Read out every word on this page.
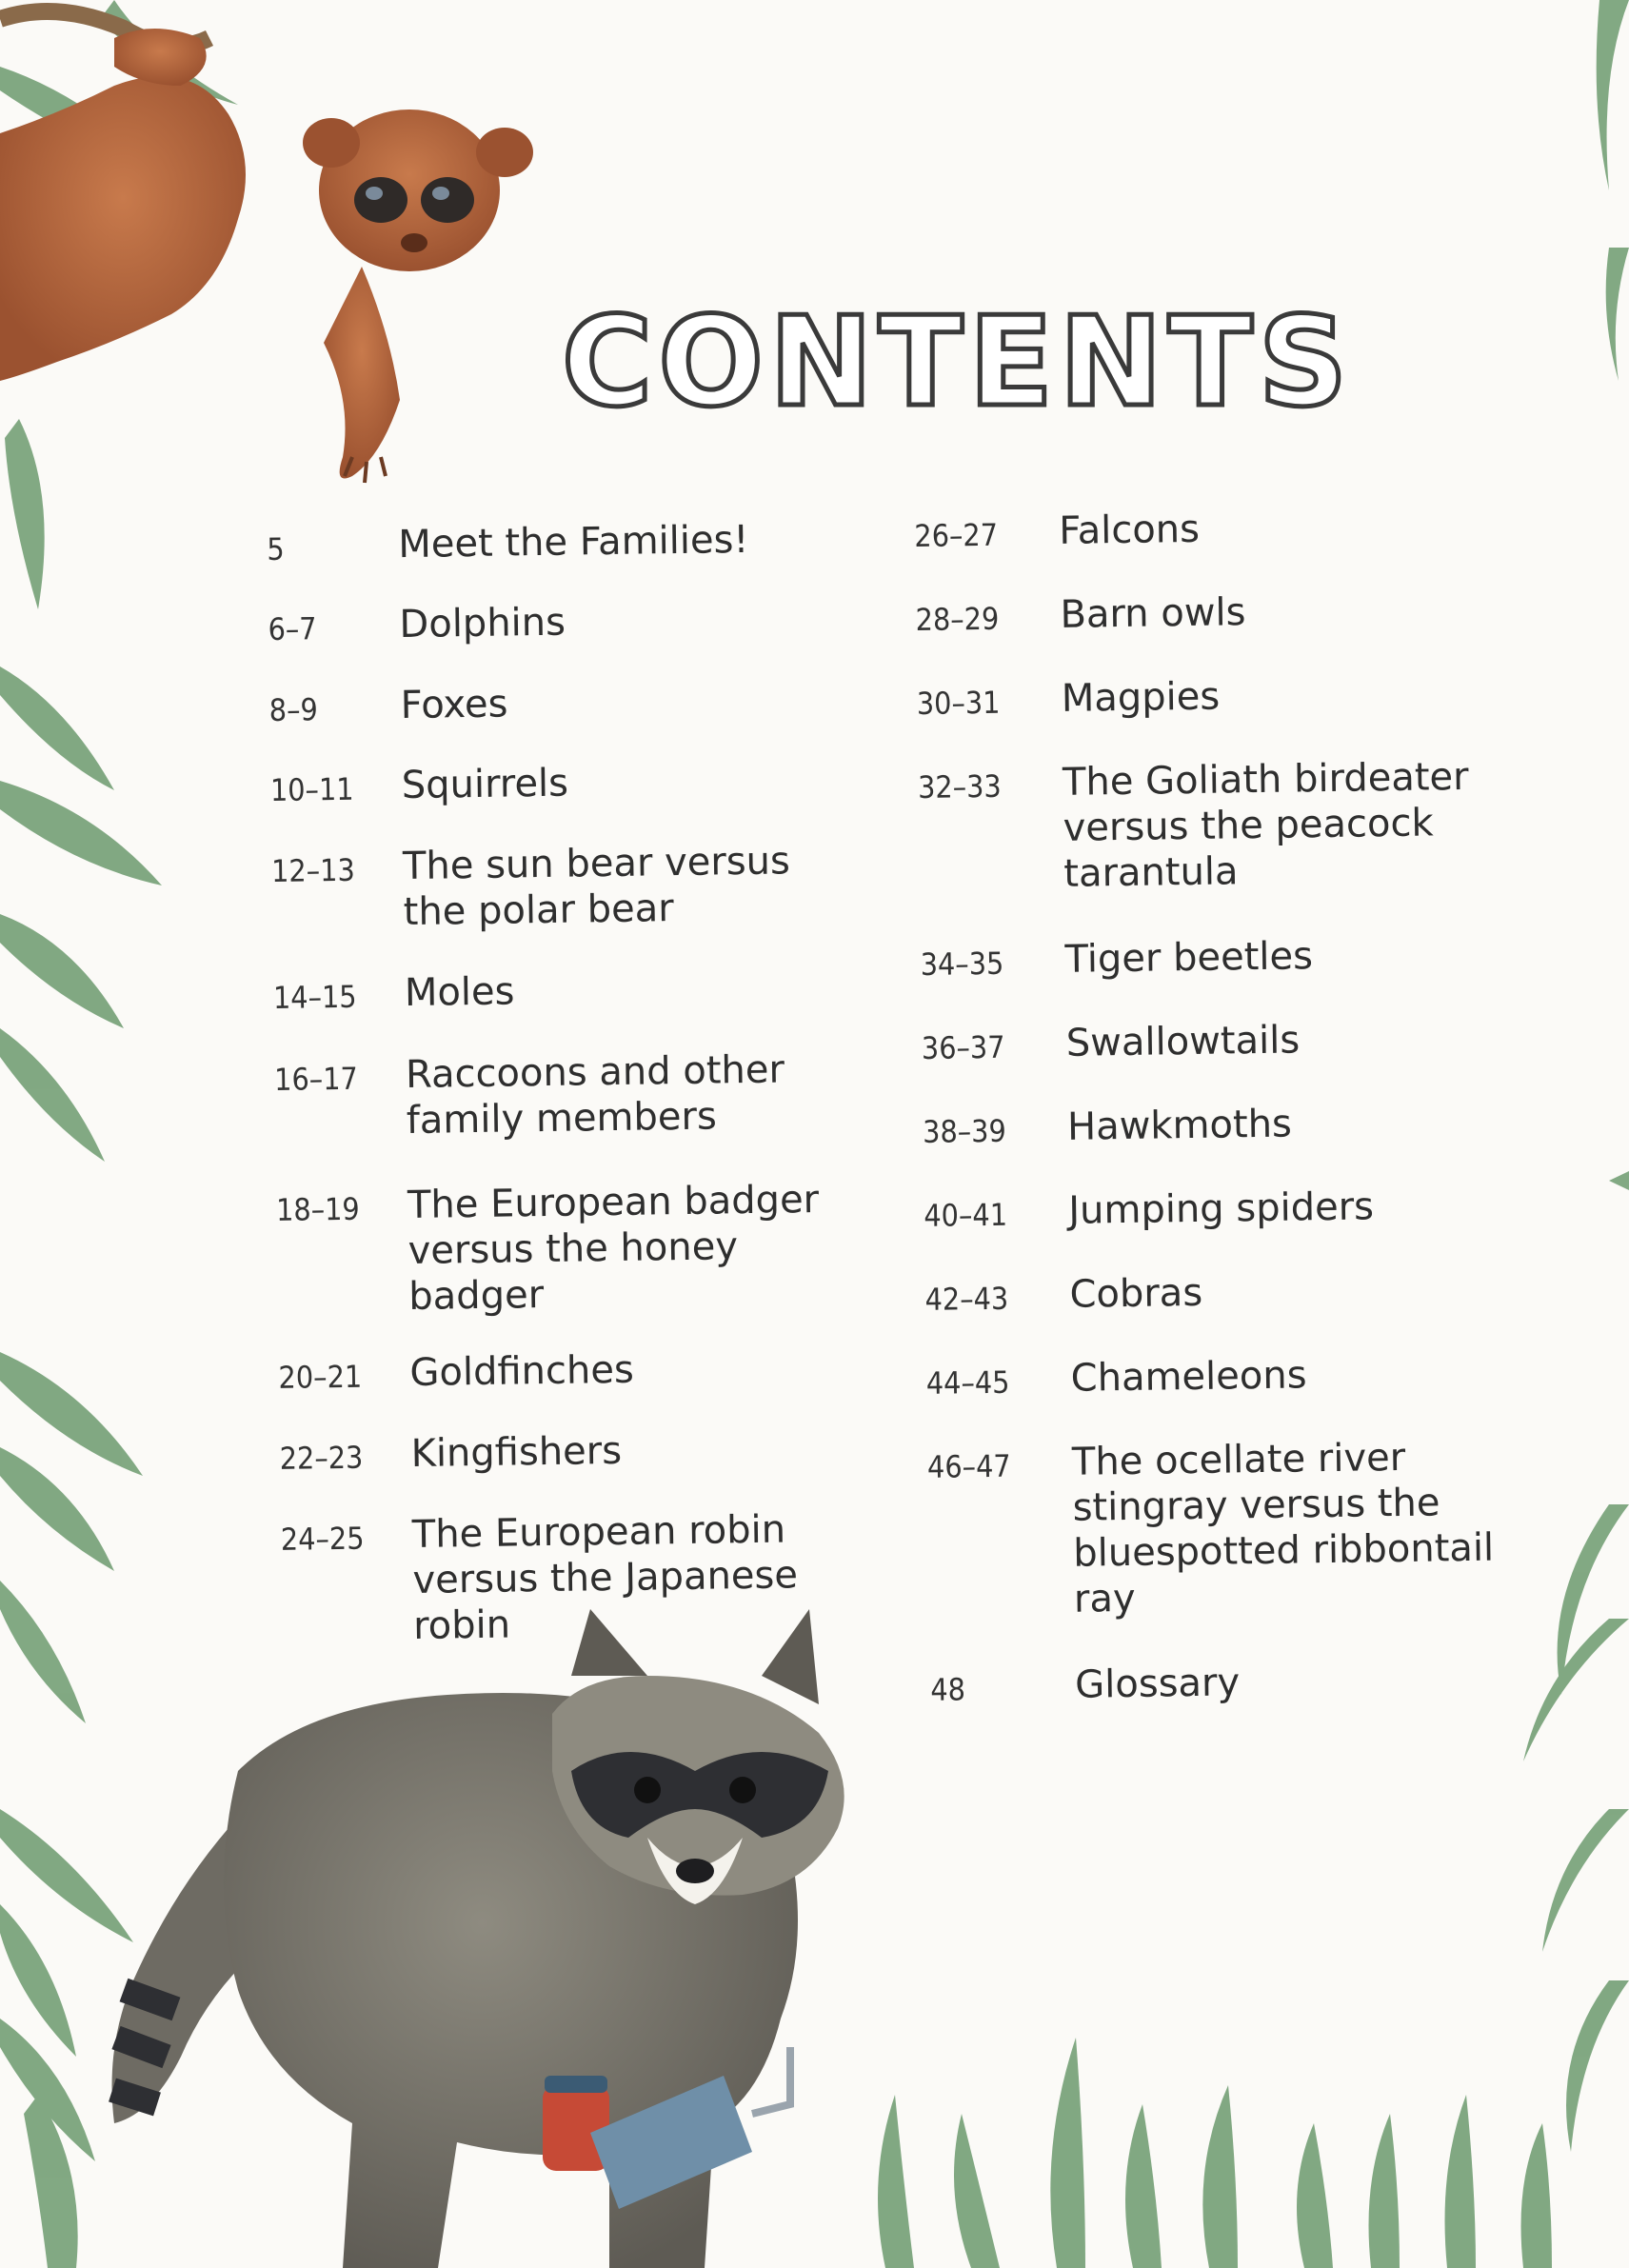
CONTENTS
5	Meet the Families!
6–7 Dolphins
8–9 Foxes
10–11 Squirrels
12–13 The sun bear versus the polar bear
14–15 Moles
16–17 Raccoons and other family members
18–19 The European badger versus the honey badger
20–21 Goldfinches
22–23 Kingfishers
24–25 The European robin versus the Japanese robin
26–27 Falcons
28–29 Barn owls
30–31 Magpies
32–33 The Goliath birdeater versus the peacock tarantula
34–35 Tiger beetles
36–37 Swallowtails
38–39 Hawkmoths
40–41 Jumping spiders
42–43 Cobras
44–45 Chameleons
46–47 The ocellate river stingray versus the bluespotted ribbontail ray
48	Glossary
